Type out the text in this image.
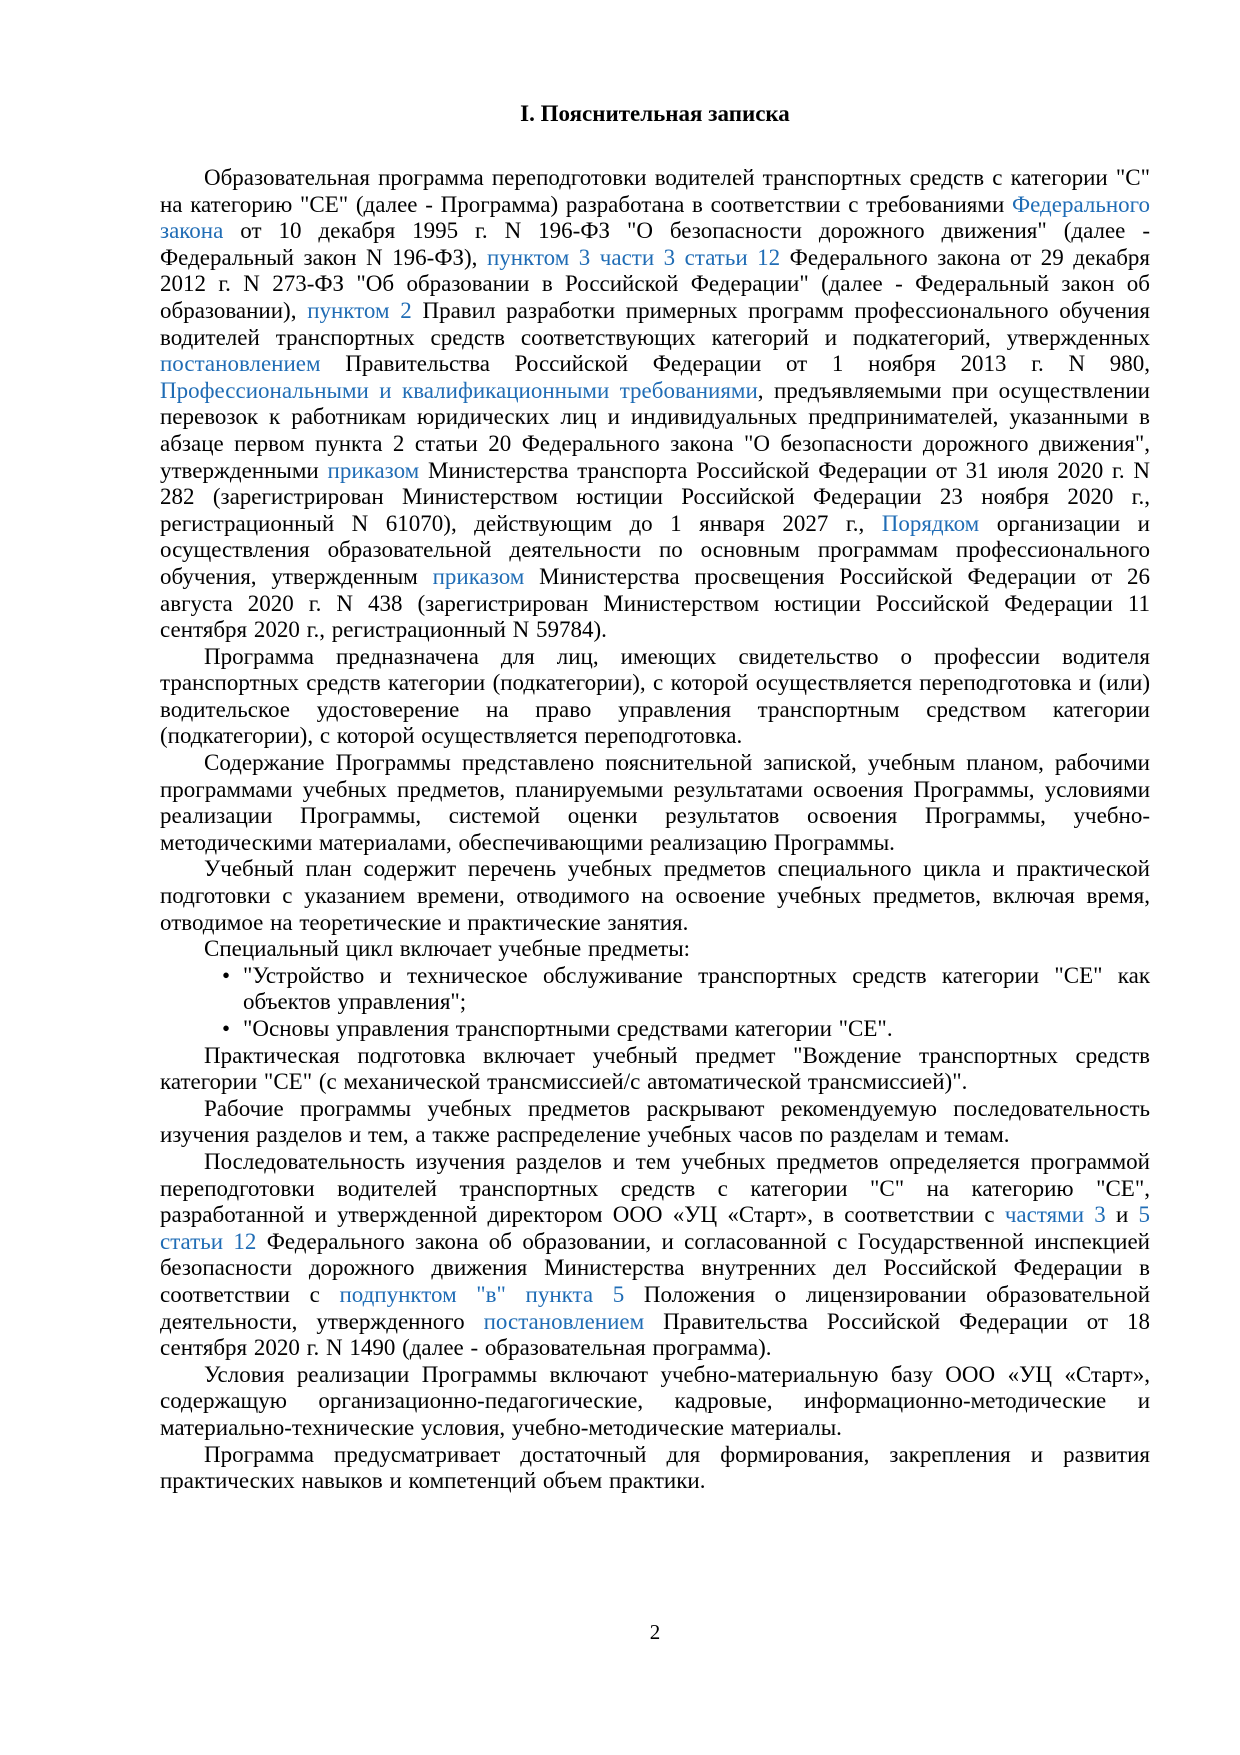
I. Пояснительная записка

Образовательная программа переподготовки водителей транспортных средств с категории "С" на категорию "СЕ" (далее - Программа) разработана в соответствии с требованиями Федерального закона от 10 декабря 1995 г. N 196-ФЗ "О безопасности дорожного движения" (далее - Федеральный закон N 196-ФЗ), пунктом 3 части 3 статьи 12 Федерального закона от 29 декабря 2012 г. N 273-ФЗ "Об образовании в Российской Федерации" (далее - Федеральный закон об образовании), пунктом 2 Правил разработки примерных программ профессионального обучения водителей транспортных средств соответствующих категорий и подкатегорий, утвержденных постановлением Правительства Российской Федерации от 1 ноября 2013 г. N 980, Профессиональными и квалификационными требованиями, предъявляемыми при осуществлении перевозок к работникам юридических лиц и индивидуальных предпринимателей, указанными в абзаце первом пункта 2 статьи 20 Федерального закона "О безопасности дорожного движения", утвержденными приказом Министерства транспорта Российской Федерации от 31 июля 2020 г. N 282 (зарегистрирован Министерством юстиции Российской Федерации 23 ноября 2020 г., регистрационный N 61070), действующим до 1 января 2027 г., Порядком организации и осуществления образовательной деятельности по основным программам профессионального обучения, утвержденным приказом Министерства просвещения Российской Федерации от 26 августа 2020 г. N 438 (зарегистрирован Министерством юстиции Российской Федерации 11 сентября 2020 г., регистрационный N 59784).

Программа предназначена для лиц, имеющих свидетельство о профессии водителя транспортных средств категории (подкатегории), с которой осуществляется переподготовка и (или) водительское удостоверение на право управления транспортным средством категории (подкатегории), с которой осуществляется переподготовка.

Содержание Программы представлено пояснительной запиской, учебным планом, рабочими программами учебных предметов, планируемыми результатами освоения Программы, условиями реализации Программы, системой оценки результатов освоения Программы, учебно-методическими материалами, обеспечивающими реализацию Программы.

Учебный план содержит перечень учебных предметов специального цикла и практической подготовки с указанием времени, отводимого на освоение учебных предметов, включая время, отводимое на теоретические и практические занятия.

Специальный цикл включает учебные предметы:

• "Устройство и техническое обслуживание транспортных средств категории "СЕ" как объектов управления";
• "Основы управления транспортными средствами категории "СЕ".

Практическая подготовка включает учебный предмет "Вождение транспортных средств категории "СЕ" (с механической трансмиссией/с автоматической трансмиссией)".

Рабочие программы учебных предметов раскрывают рекомендуемую последовательность изучения разделов и тем, а также распределение учебных часов по разделам и темам.

Последовательность изучения разделов и тем учебных предметов определяется программой переподготовки водителей транспортных средств с категории "С" на категорию "СЕ", разработанной и утвержденной директором ООО «УЦ «Старт», в соответствии с частями 3 и 5 статьи 12 Федерального закона об образовании, и согласованной с Государственной инспекцией безопасности дорожного движения Министерства внутренних дел Российской Федерации в соответствии с подпунктом "в" пункта 5 Положения о лицензировании образовательной деятельности, утвержденного постановлением Правительства Российской Федерации от 18 сентября 2020 г. N 1490 (далее - образовательная программа).

Условия реализации Программы включают учебно-материальную базу ООО «УЦ «Старт», содержащую организационно-педагогические, кадровые, информационно-методические и материально-технические условия, учебно-методические материалы.

Программа предусматривает достаточный для формирования, закрепления и развития практических навыков и компетенций объем практики.

2
